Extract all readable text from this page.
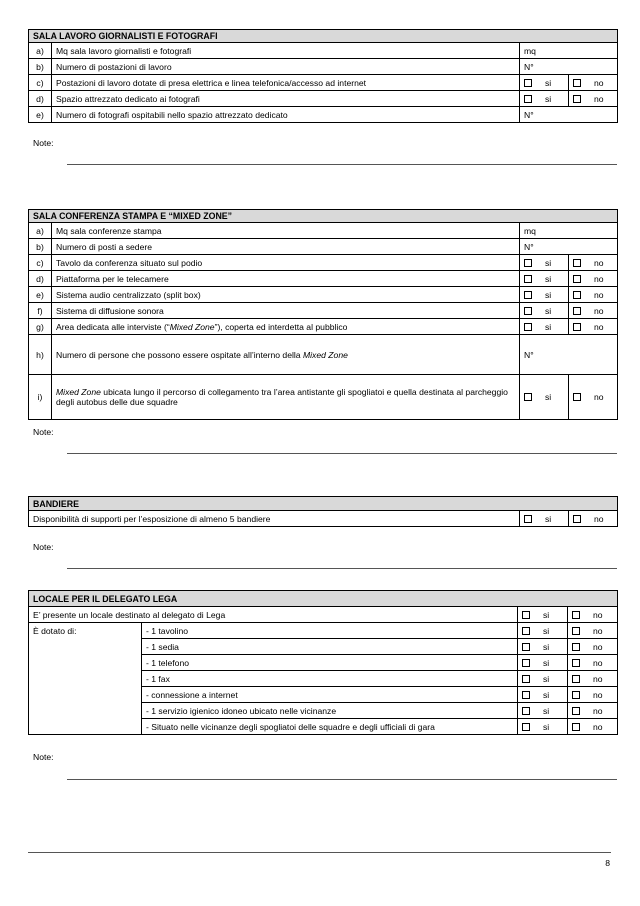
SALA LAVORO GIORNALISTI E FOTOGRAFI			
a)	Mq sala lavoro giornalisti e fotografi	mq	
b)	Numero di postazioni di lavoro	N°	
c)	Postazioni di lavoro dotate di presa elettrica e linea telefonica/accesso ad internet	si	no
d)	Spazio attrezzato dedicato ai fotografi	si	no
e)	Numero di fotografi ospitabili nello spazio attrezzato dedicato	N°	
Note:
SALA CONFERENZA STAMPA E “MIXED ZONE”			
a)	Mq sala conferenze stampa	mq	
b)	Numero di posti a sedere	N°	
c)	Tavolo da conferenza situato sul podio	si	no
d)	Piattaforma per le telecamere	si	no
e)	Sistema audio centralizzato (split box)	si	no
f)	Sistema di diffusione sonora	si	no
g)	Area dedicata alle interviste (“Mixed Zone”), coperta ed interdetta al pubblico	si	no
h)	Numero di persone che possono essere ospitate all’interno della Mixed Zone	N°	
i)	Mixed Zone ubicata lungo il percorso di collegamento tra l’area antistante gli spogliatoi e quella destinata al parcheggio degli autobus delle due squadre	si	no
Note:
BANDIERE
Disponibilità di supporti per l’esposizione di almeno 5 bandiere	si	no
Note:
LOCALE PER IL DELEGATO LEGA			
E’ presente un locale destinato al delegato di Lega		si	no
È dotato di:	- 1 tavolino	si	no
	- 1 sedia	si	no
	- 1 telefono	si	no
	- 1 fax	si	no
	- connessione a internet	si	no
	- 1 servizio igienico idoneo ubicato nelle vicinanze	si	no
	- Situato nelle vicinanze degli spogliatoi delle squadre e degli ufficiali di gara	si	no
Note:
8
